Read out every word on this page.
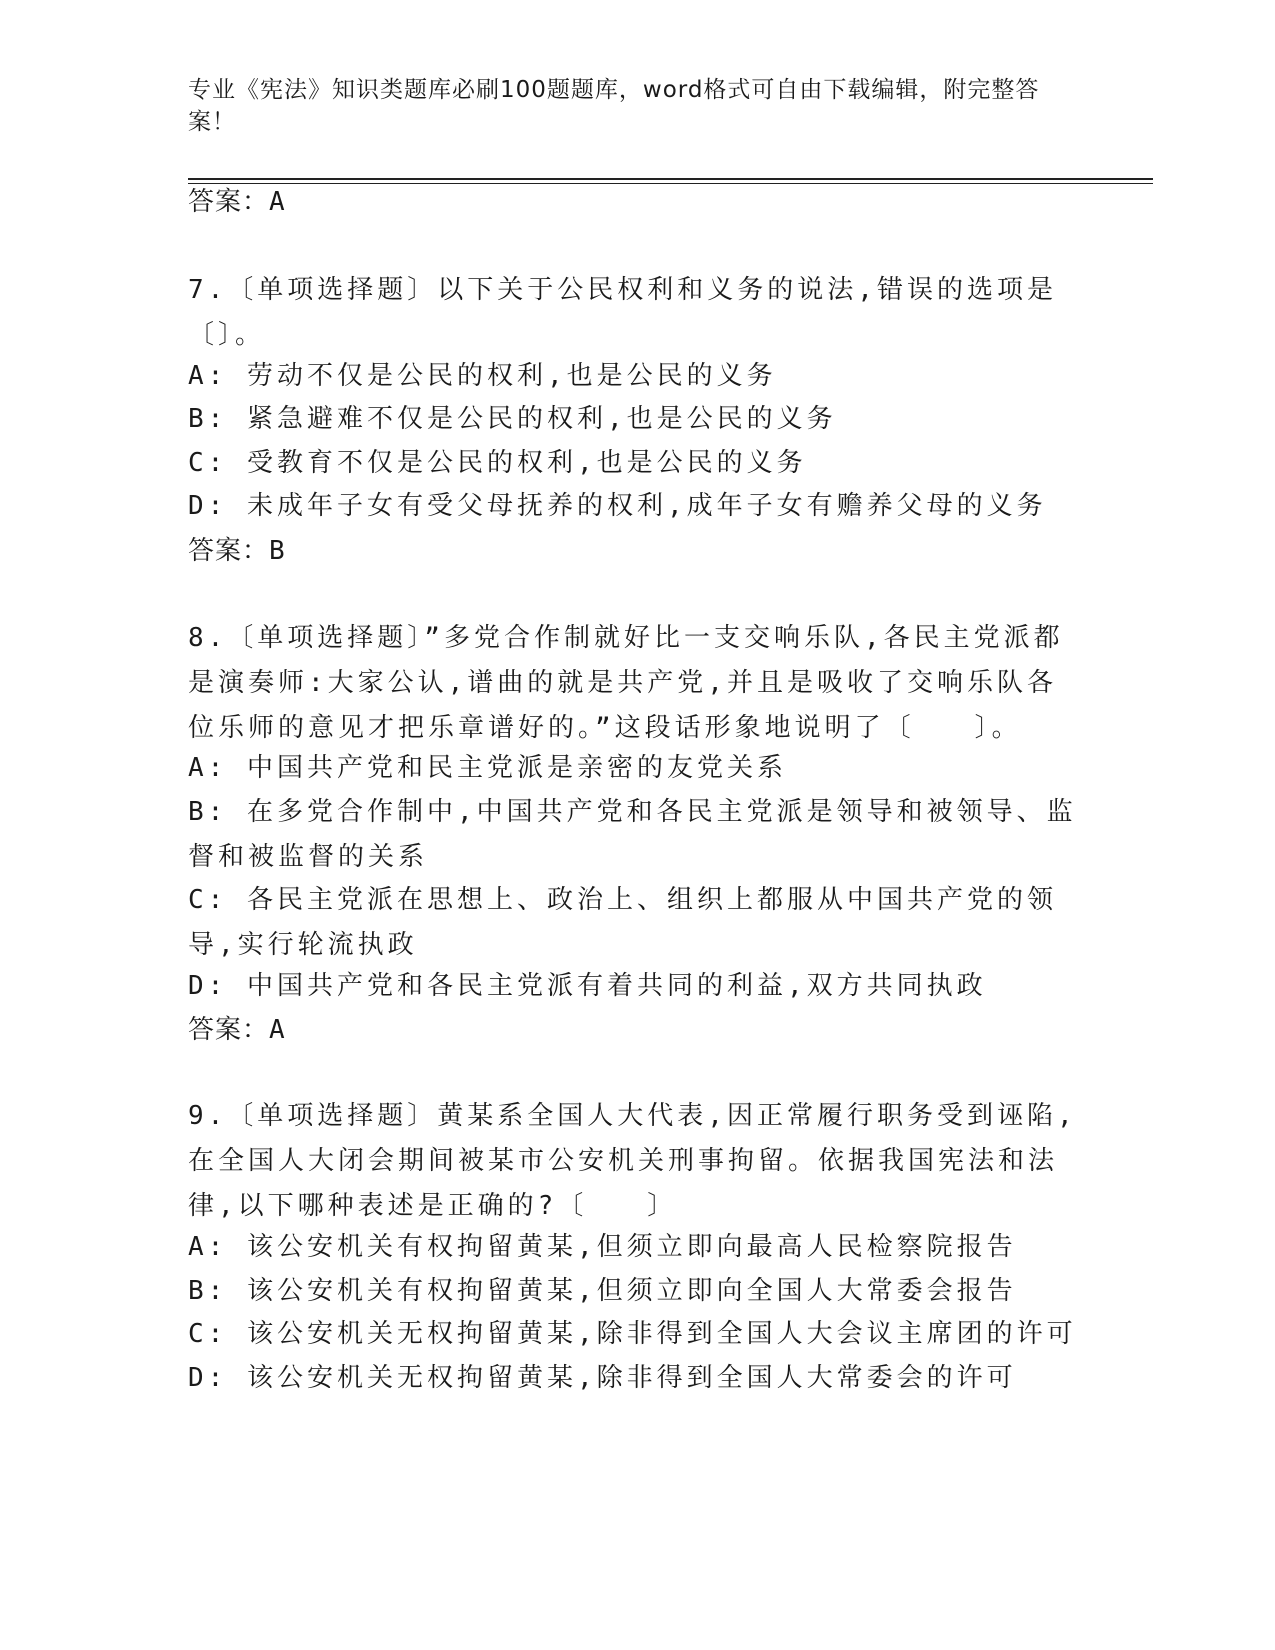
专业《宪法》知识类题库必刷100题题库，word格式可自由下载编辑，附完整答案！
答案：A
7.〔单项选择题〕以下关于公民权利和义务的说法,错误的选项是〔〕。
A: 劳动不仅是公民的权利,也是公民的义务
B: 紧急避难不仅是公民的权利,也是公民的义务
C: 受教育不仅是公民的权利,也是公民的义务
D: 未成年子女有受父母抚养的权利,成年子女有赡养父母的义务
答案：B
8.〔单项选择题〕”多党合作制就好比一支交响乐队,各民主党派都是演奏师:大家公认,谱曲的就是共产党,并且是吸收了交响乐队各位乐师的意见才把乐章谱好的。”这段话形象地说明了〔　　〕。
A: 中国共产党和民主党派是亲密的友党关系
B: 在多党合作制中,中国共产党和各民主党派是领导和被领导、监督和被监督的关系
C: 各民主党派在思想上、政治上、组织上都服从中国共产党的领导,实行轮流执政
D: 中国共产党和各民主党派有着共同的利益,双方共同执政
答案：A
9.〔单项选择题〕黄某系全国人大代表,因正常履行职务受到诬陷,在全国人大闭会期间被某市公安机关刑事拘留。依据我国宪法和法律,以下哪种表述是正确的?〔　　〕
A: 该公安机关有权拘留黄某,但须立即向最高人民检察院报告
B: 该公安机关有权拘留黄某,但须立即向全国人大常委会报告
C: 该公安机关无权拘留黄某,除非得到全国人大会议主席团的许可
D: 该公安机关无权拘留黄某,除非得到全国人大常委会的许可
